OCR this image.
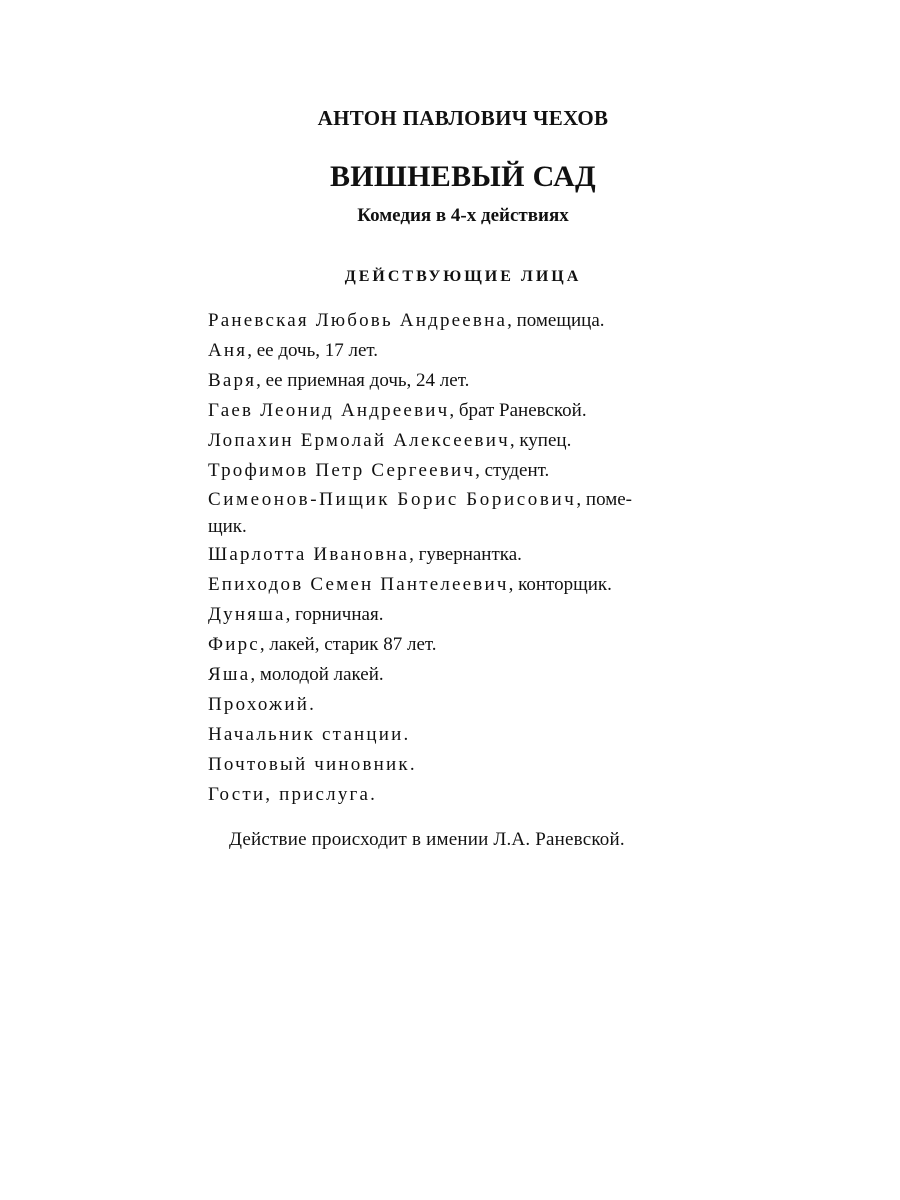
АНТОН ПАВЛОВИЧ ЧЕХОВ
ВИШНЕВЫЙ САД
Комедия в 4-х действиях
ДЕЙСТВУЮЩИЕ ЛИЦА
Раневская Любовь Андреевна, помещица.
Аня, ее дочь, 17 лет.
Варя, ее приемная дочь, 24 лет.
Гаев Леонид Андреевич, брат Раневской.
Лопахин Ермолай Алексеевич, купец.
Трофимов Петр Сергеевич, студент.
Симеонов-Пищик Борис Борисович, поме-
щик.
Шарлотта Ивановна, гувернантка.
Епиходов Семен Пантелеевич, конторщик.
Дуняша, горничная.
Фирс, лакей, старик 87 лет.
Яша, молодой лакей.
Прохожий.
Начальник станции.
Почтовый чиновник.
Гости, прислуга.
Действие происходит в имении Л.А. Раневской.
